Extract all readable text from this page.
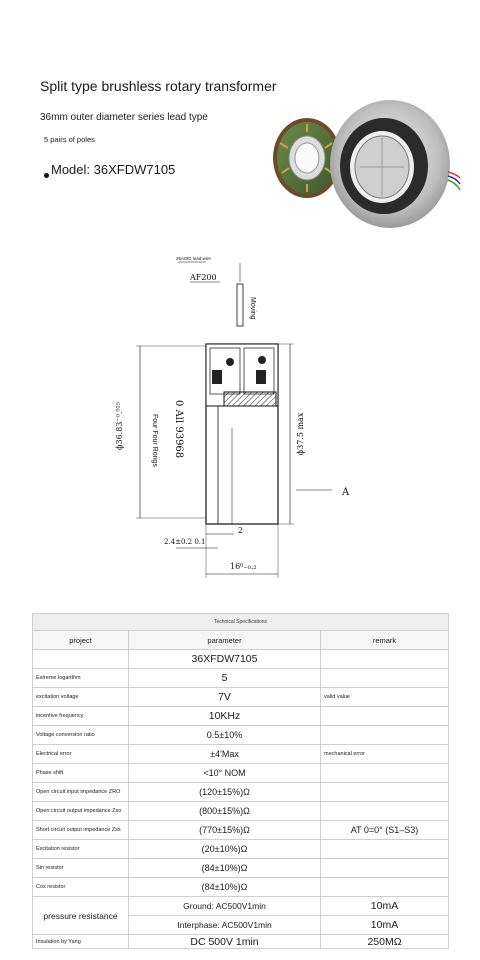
Split type brushless rotary transformer
36mm outer diameter series lead type
5 pairs of poles
Model: 36XFDW7105
26AWG lead wire
AF200
Moving
0 All 93968
Four Four Rongs
ϕ36.83⁻⁰.⁰²⁵	ϕ37.5 max
A
2
2.4±0.2 0.1
16⁰₋₀.₂
Technical Specifications		
project	parameter	remark
	36XFDW7105	
Extreme logarithm	5	
excitation voltage	7V	valid value
incentive frequency	10KHz	
Voltage conversion ratio	0.5±10%	
Electrical error	±4'Max	mechanical error
Phase shift	<10° NOM	
Open circuit input impedance ZRO	(120±15%)Ω	
Open circuit output impedance Zso	(800±15%)Ω	
Short circuit output impedance Zss	(770±15%)Ω	AT 0=0° (S1–S3)
Excitation resistor	(20±10%)Ω	
Sin resistor	(84±10%)Ω	
Cos resistor	(84±10%)Ω	
pressure resistance	Ground: AC500V1min	10mA
	Interphase: AC500V1min	10mA
Insulation by Yang	DC 500V 1min	250MΩ
